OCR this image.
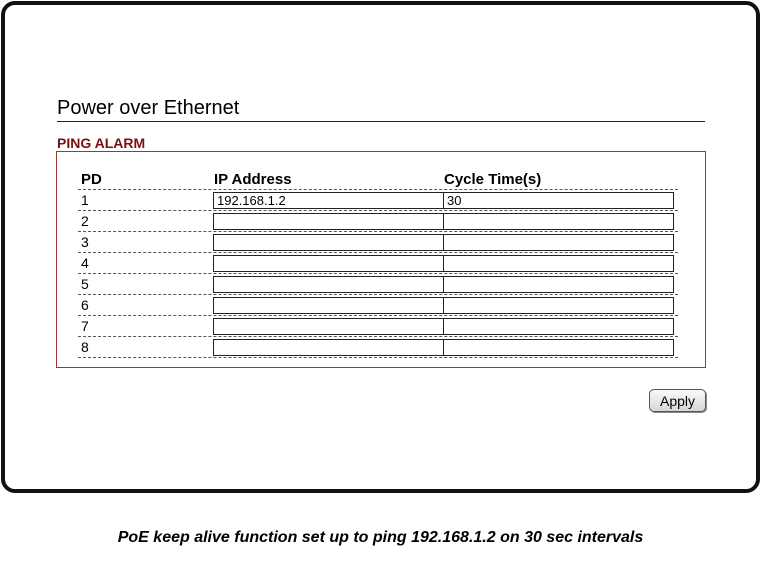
Power over Ethernet
PING ALARM
PD	IP Address	Cycle Time(s)
1
192.168.1.2
30
2
3
4
5
6
7
8
Apply

PoE keep alive function set up to ping 192.168.1.2 on 30 sec intervals
